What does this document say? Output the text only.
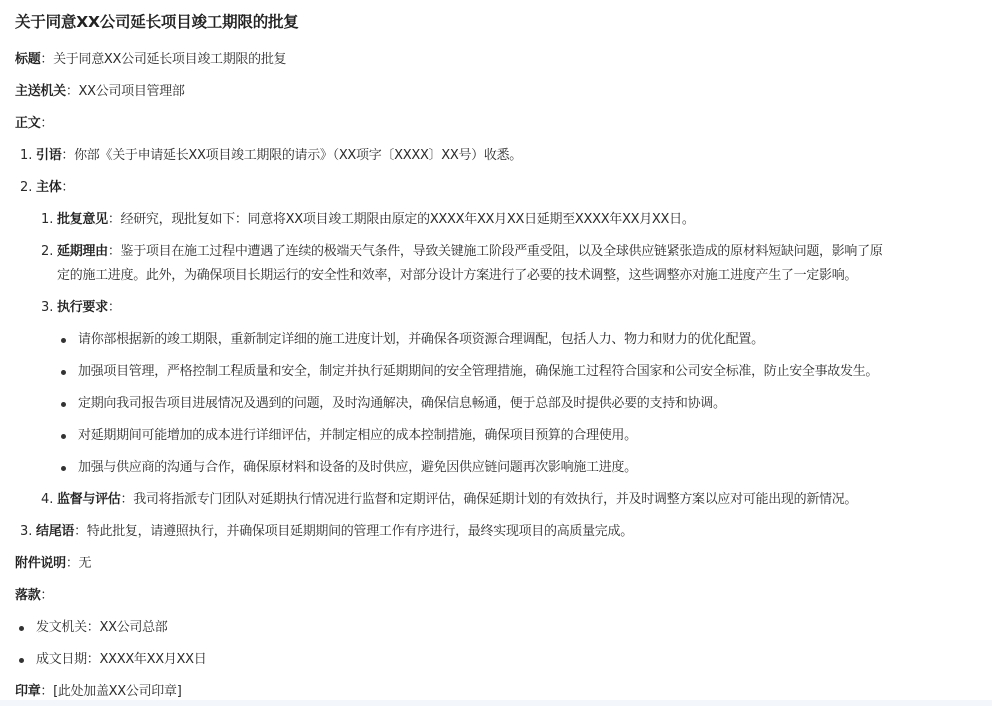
关于同意XX公司延长项目竣工期限的批复
标题：关于同意XX公司延长项目竣工期限的批复
主送机关：XX公司项目管理部
正文：
1. 引语：你部《关于申请延长XX项目竣工期限的请示》（XX项字〔XXXX〕XX号）收悉。
2. 主体：
1. 批复意见：经研究，现批复如下：同意将XX项目竣工期限由原定的XXXX年XX月XX日延期至XXXX年XX月XX日。
2. 延期理由：鉴于项目在施工过程中遭遇了连续的极端天气条件，导致关键施工阶段严重受阻，以及全球供应链紧张造成的原材料短缺问题，影响了原
定的施工进度。此外，为确保项目长期运行的安全性和效率，对部分设计方案进行了必要的技术调整，这些调整亦对施工进度产生了一定影响。
3. 执行要求：
请你部根据新的竣工期限，重新制定详细的施工进度计划，并确保各项资源合理调配，包括人力、物力和财力的优化配置。
加强项目管理，严格控制工程质量和安全，制定并执行延期期间的安全管理措施，确保施工过程符合国家和公司安全标准，防止安全事故发生。
定期向我司报告项目进展情况及遇到的问题，及时沟通解决，确保信息畅通，便于总部及时提供必要的支持和协调。
对延期期间可能增加的成本进行详细评估，并制定相应的成本控制措施，确保项目预算的合理使用。
加强与供应商的沟通与合作，确保原材料和设备的及时供应，避免因供应链问题再次影响施工进度。
4. 监督与评估：我司将指派专门团队对延期执行情况进行监督和定期评估，确保延期计划的有效执行，并及时调整方案以应对可能出现的新情况。
3. 结尾语：特此批复，请遵照执行，并确保项目延期期间的管理工作有序进行，最终实现项目的高质量完成。
附件说明：无
落款：
发文机关：XX公司总部
成文日期：XXXX年XX月XX日
印章：[此处加盖XX公司印章]
